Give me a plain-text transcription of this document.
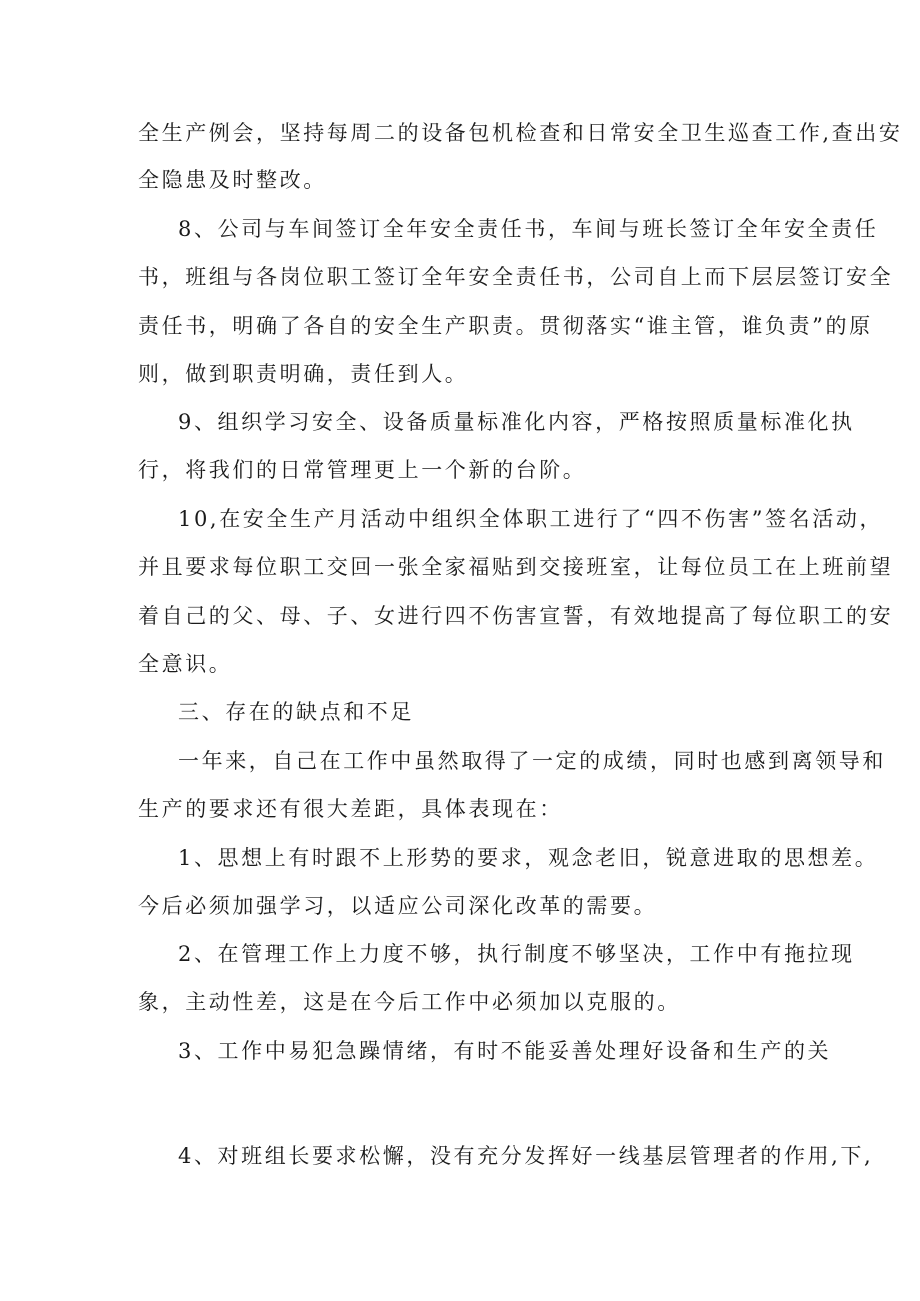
全生产例会，坚持每周二的设备包机检查和日常安全卫生巡查工作,查出安
全隐患及时整改。
8、公司与车间签订全年安全责任书，车间与班长签订全年安全责任
书，班组与各岗位职工签订全年安全责任书，公司自上而下层层签订安全
责任书，明确了各自的安全生产职责。贯彻落实“谁主管，谁负责”的原
则，做到职责明确，责任到人。
9、组织学习安全、设备质量标准化内容，严格按照质量标准化执
行，将我们的日常管理更上一个新的台阶。
10,在安全生产月活动中组织全体职工进行了“四不伤害”签名活动，
并且要求每位职工交回一张全家福贴到交接班室，让每位员工在上班前望
着自己的父、母、子、女进行四不伤害宣誓，有效地提高了每位职工的安
全意识。
三、存在的缺点和不足
一年来，自己在工作中虽然取得了一定的成绩，同时也感到离领导和
生产的要求还有很大差距，具体表现在：
1、思想上有时跟不上形势的要求，观念老旧，锐意进取的思想差。
今后必须加强学习，以适应公司深化改革的需要。
2、在管理工作上力度不够，执行制度不够坚决，工作中有拖拉现
象，主动性差，这是在今后工作中必须加以克服的。
3、工作中易犯急躁情绪，有时不能妥善处理好设备和生产的关
4、对班组长要求松懈，没有充分发挥好一线基层管理者的作用,下,
